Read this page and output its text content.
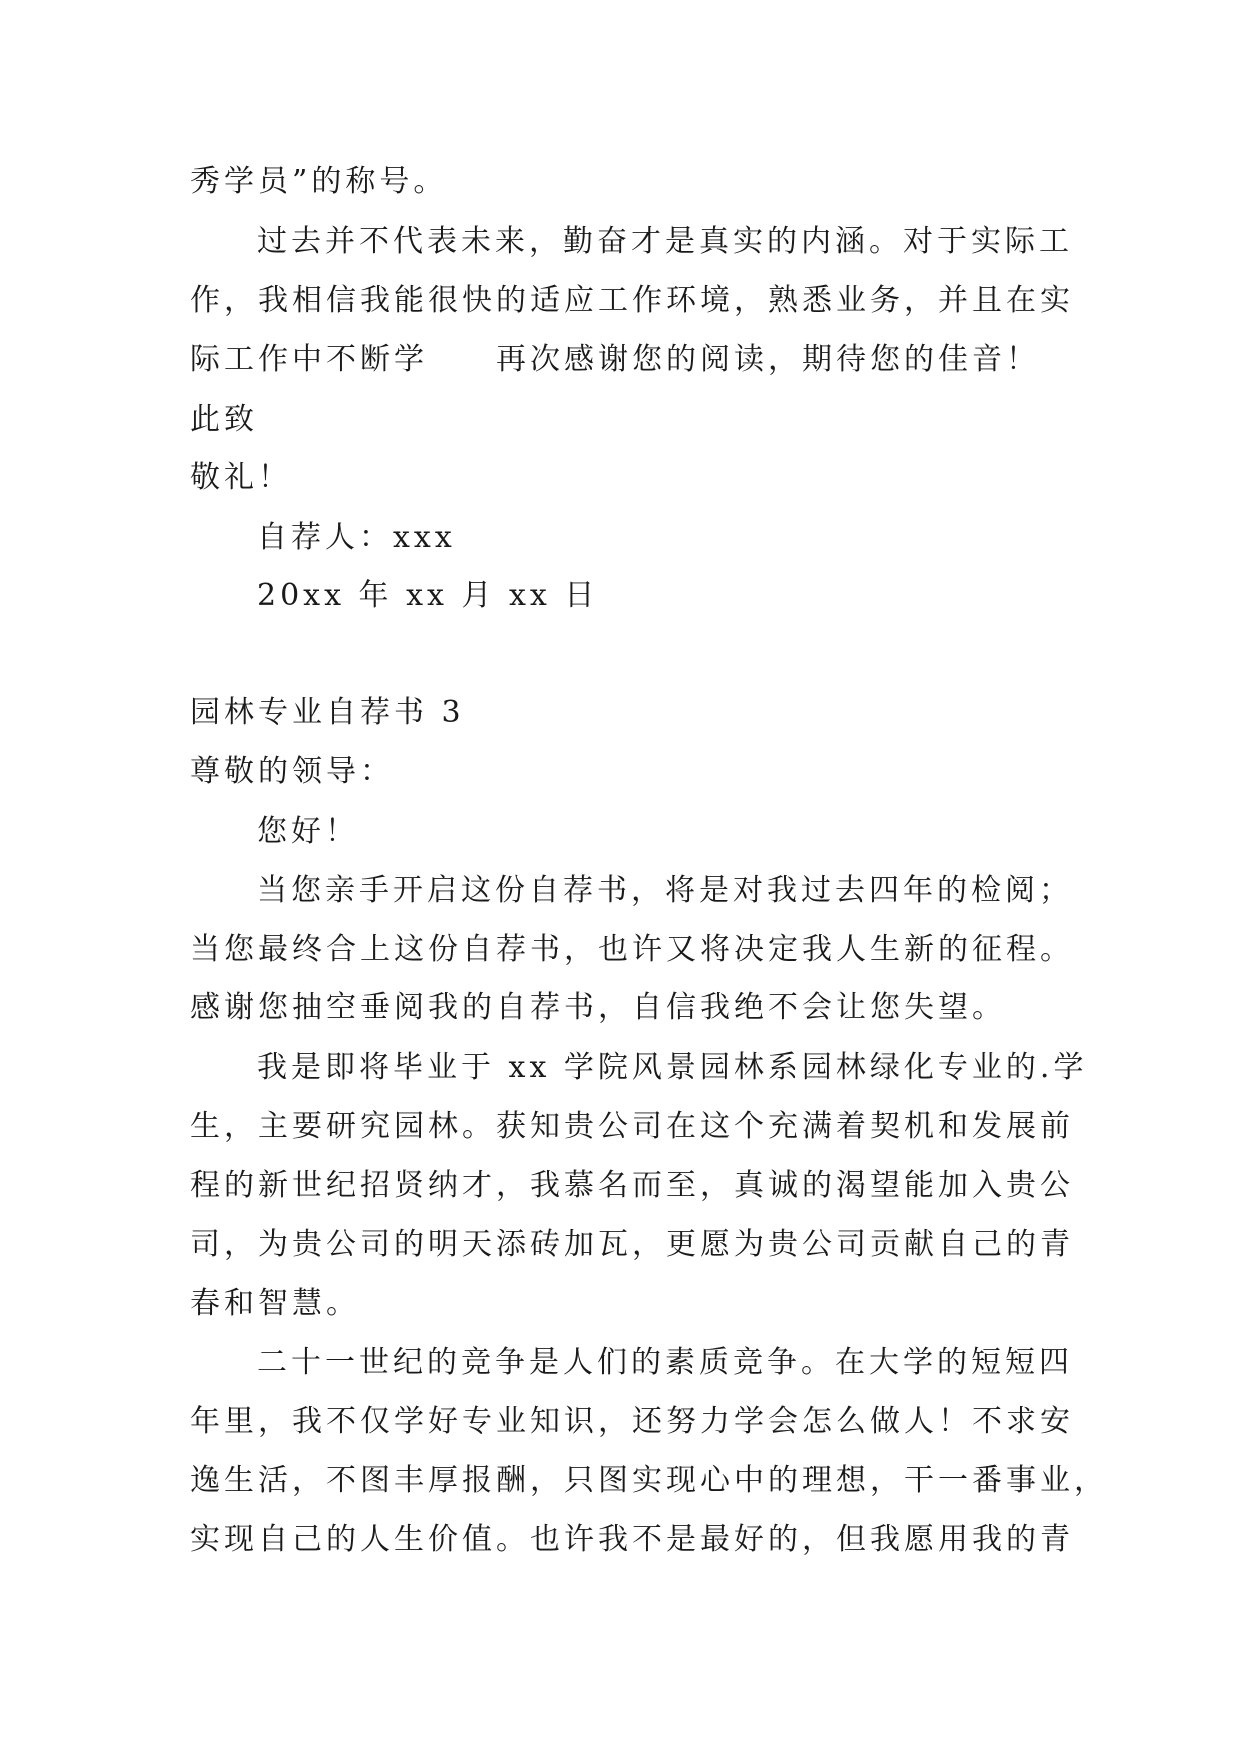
秀学员”的称号。
过去并不代表未来，勤奋才是真实的内涵。对于实际工
作，我相信我能很快的适应工作环境，熟悉业务，并且在实
际工作中不断学 再次感谢您的阅读，期待您的佳音！
此致
敬礼！
自荐人：xxx
20xx 年 xx 月 xx 日
园林专业自荐书 3
尊敬的领导：
您好！
当您亲手开启这份自荐书，将是对我过去四年的检阅；
当您最终合上这份自荐书，也许又将决定我人生新的征程。
感谢您抽空垂阅我的自荐书，自信我绝不会让您失望。
我是即将毕业于 xx 学院风景园林系园林绿化专业的.学
生，主要研究园林。获知贵公司在这个充满着契机和发展前
程的新世纪招贤纳才，我慕名而至，真诚的渴望能加入贵公
司，为贵公司的明天添砖加瓦，更愿为贵公司贡献自己的青
春和智慧。
二十一世纪的竞争是人们的素质竞争。在大学的短短四
年里，我不仅学好专业知识，还努力学会怎么做人！不求安
逸生活，不图丰厚报酬，只图实现心中的理想，干一番事业，
实现自己的人生价值。也许我不是最好的，但我愿用我的青
